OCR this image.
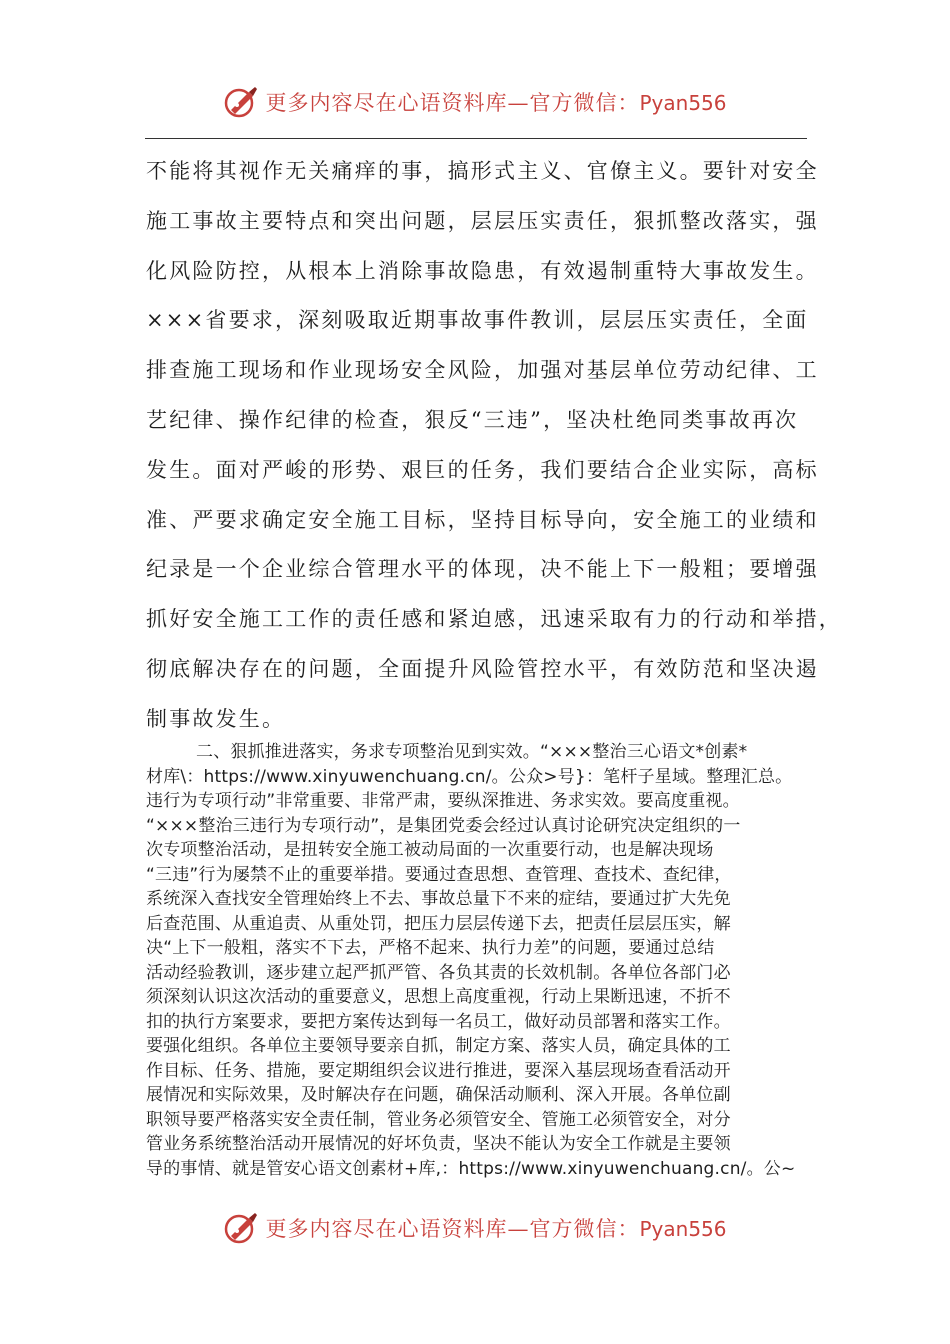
更多内容尽在心语资料库—官方微信：Pyan556
不能将其视作无关痛痒的事，搞形式主义、官僚主义。要针对安全
施工事故主要特点和突出问题，层层压实责任，狠抓整改落实，强
化风险防控，从根本上消除事故隐患，有效遏制重特大事故发生。
×××省要求，深刻吸取近期事故事件教训，层层压实责任，全面
排查施工现场和作业现场安全风险，加强对基层单位劳动纪律、工
艺纪律、操作纪律的检查，狠反“三违”，坚决杜绝同类事故再次
发生。面对严峻的形势、艰巨的任务，我们要结合企业实际，高标
准、严要求确定安全施工目标，坚持目标导向，安全施工的业绩和
纪录是一个企业综合管理水平的体现，决不能上下一般粗；要增强
抓好安全施工工作的责任感和紧迫感，迅速采取有力的行动和举措，
彻底解决存在的问题，全面提升风险管控水平，有效防范和坚决遏
制事故发生。
二、狠抓推进落实，务求专项整治见到实效。“×××整治三心语文*创素*
材库\：https://www.xinyuwenchuang.cn/。公众>号}：笔杆子星域。整理汇总。
违行为专项行动”非常重要、非常严肃，要纵深推进、务求实效。要高度重视。
“×××整治三违行为专项行动”，是集团党委会经过认真讨论研究决定组织的一
次专项整治活动，是扭转安全施工被动局面的一次重要行动，也是解决现场
“三违”行为屡禁不止的重要举措。要通过查思想、查管理、查技术、查纪律，
系统深入查找安全管理始终上不去、事故总量下不来的症结，要通过扩大先免
后查范围、从重追责、从重处罚，把压力层层传递下去，把责任层层压实，解
决“上下一般粗，落实不下去，严格不起来、执行力差”的问题，要通过总结
活动经验教训，逐步建立起严抓严管、各负其责的长效机制。各单位各部门必
须深刻认识这次活动的重要意义，思想上高度重视，行动上果断迅速，不折不
扣的执行方案要求，要把方案传达到每一名员工，做好动员部署和落实工作。
要强化组织。各单位主要领导要亲自抓，制定方案、落实人员，确定具体的工
作目标、任务、措施，要定期组织会议进行推进，要深入基层现场查看活动开
展情况和实际效果，及时解决存在问题，确保活动顺利、深入开展。各单位副
职领导要严格落实安全责任制，管业务必须管安全、管施工必须管安全，对分
管业务系统整治活动开展情况的好坏负责，坚决不能认为安全工作就是主要领
导的事情、就是管安心语文创素材+库,：https://www.xinyuwenchuang.cn/。公~
更多内容尽在心语资料库—官方微信：Pyan556
